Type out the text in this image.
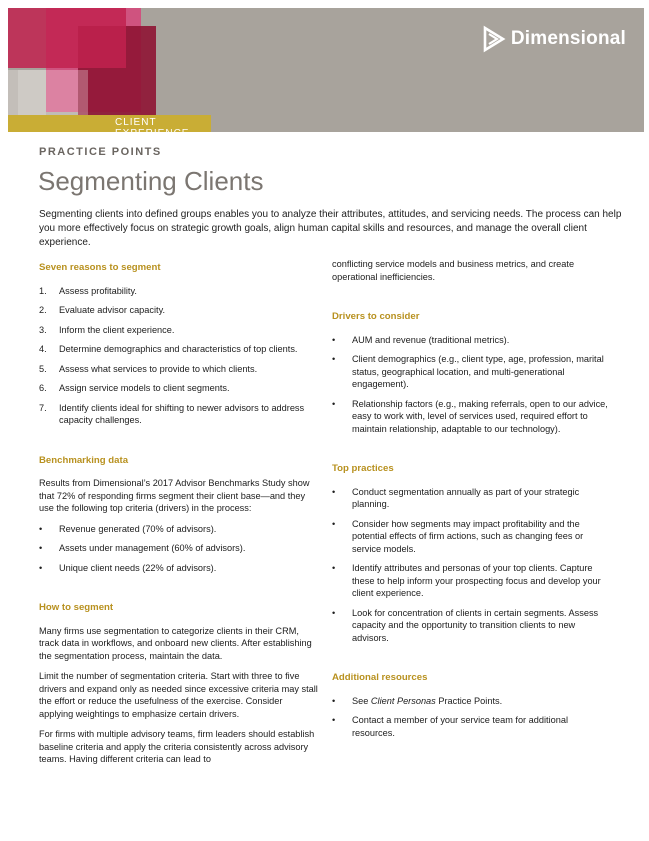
CLIENT EXPERIENCE
Dimensional
PRACTICE POINTS
Segmenting Clients

Segmenting clients into defined groups enables you to analyze their attributes, attitudes, and servicing needs. The process can help you more effectively focus on strategic growth goals, align human capital skills and resources, and manage the overall client experience.

Seven reasons to segment
1. Assess profitability.
2. Evaluate advisor capacity.
3. Inform the client experience.
4. Determine demographics and characteristics of top clients.
5. Assess what services to provide to which clients.
6. Assign service models to client segments.
7. Identify clients ideal for shifting to newer advisors to address capacity challenges.
Benchmarking data

Results from Dimensional’s 2017 Advisor Benchmarks Study show that 72% of responding firms segment their client base—and they use the following top criteria (drivers) in the process:

• Revenue generated (70% of advisors).
• Assets under management (60% of advisors).
• Unique client needs (22% of advisors).
How to segment

Many firms use segmentation to categorize clients in their CRM, track data in workflows, and onboard new clients. After establishing the segmentation process, maintain the data.

Limit the number of segmentation criteria. Start with three to five drivers and expand only as needed since excessive criteria may stall the effort or reduce the usefulness of the exercise. Consider applying weightings to emphasize certain drivers.

For firms with multiple advisory teams, firm leaders should establish baseline criteria and apply the criteria consistently across advisory teams. Having different criteria can lead to

conflicting service models and business metrics, and create operational inefficiencies.

Drivers to consider
• AUM and revenue (traditional metrics).
• Client demographics (e.g., client type, age, profession, marital status, geographical location, and multi-generational engagement).
• Relationship factors (e.g., making referrals, open to our advice, easy to work with, level of services used, required effort to maintain relationship, adaptable to our technology).
Top practices
• Conduct segmentation annually as part of your strategic planning.
• Consider how segments may impact profitability and the potential effects of firm actions, such as changing fees or service models.
• Identify attributes and personas of your top clients. Capture these to help inform your prospecting focus and develop your client experience.
• Look for concentration of clients in certain segments. Assess capacity and the opportunity to transition clients to new advisors.
Additional resources
• See Client Personas Practice Points.
• Contact a member of your service team for additional resources.
